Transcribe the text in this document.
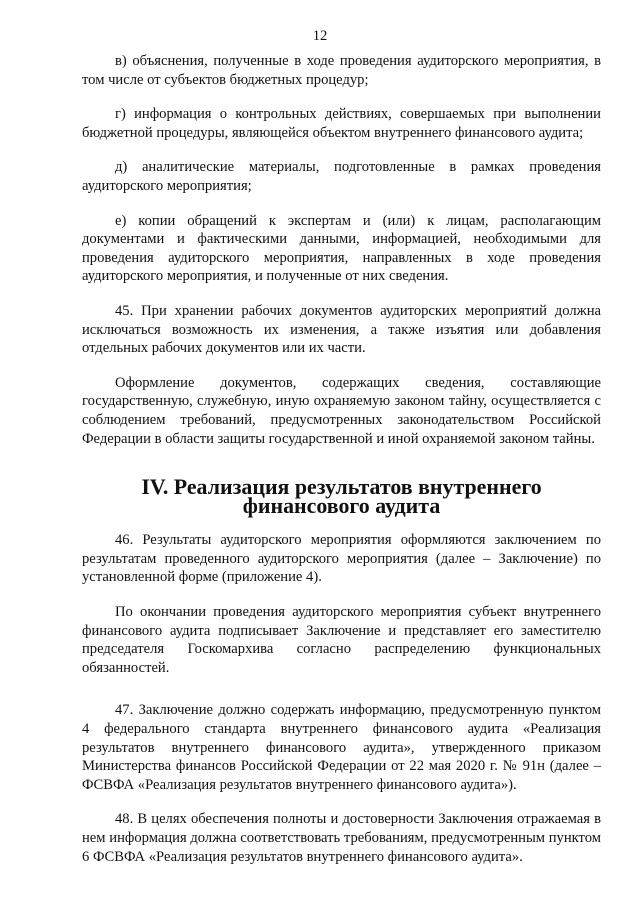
12

в) объяснения, полученные в ходе проведения аудиторского мероприятия, в том числе от субъектов бюджетных процедур;

г) информация о контрольных действиях, совершаемых при выполнении бюджетной процедуры, являющейся объектом внутреннего финансового аудита;

д) аналитические материалы, подготовленные в рамках проведения аудиторского мероприятия;

е) копии обращений к экспертам и (или) к лицам, располагающим документами и фактическими данными, информацией, необходимыми для проведения аудиторского мероприятия, направленных в ходе проведения аудиторского мероприятия, и полученные от них сведения.

45. При хранении рабочих документов аудиторских мероприятий должна исключаться возможность их изменения, а также изъятия или добавления отдельных рабочих документов или их части.

Оформление документов, содержащих сведения, составляющие государственную, служебную, иную охраняемую законом тайну, осуществляется с соблюдением требований, предусмотренных законодательством Российской Федерации в области защиты государственной и иной охраняемой законом тайны.

IV. Реализация результатов внутреннего финансового аудита

46. Результаты аудиторского мероприятия оформляются заключением по результатам проведенного аудиторского мероприятия (далее – Заключение) по установленной форме (приложение 4).

По окончании проведения аудиторского мероприятия субъект внутреннего финансового аудита подписывает Заключение и представляет его заместителю председателя Госкомархива согласно распределению функциональных обязанностей.

47. Заключение должно содержать информацию, предусмотренную пунктом 4 федерального стандарта внутреннего финансового аудита «Реализация результатов внутреннего финансового аудита», утвержденного приказом Министерства финансов Российской Федерации от 22 мая 2020 г. № 91н (далее – ФСВФА «Реализация результатов внутреннего финансового аудита»).

48. В целях обеспечения полноты и достоверности Заключения отражаемая в нем информация должна соответствовать требованиям, предусмотренным пунктом 6 ФСВФА «Реализация результатов внутреннего финансового аудита».
